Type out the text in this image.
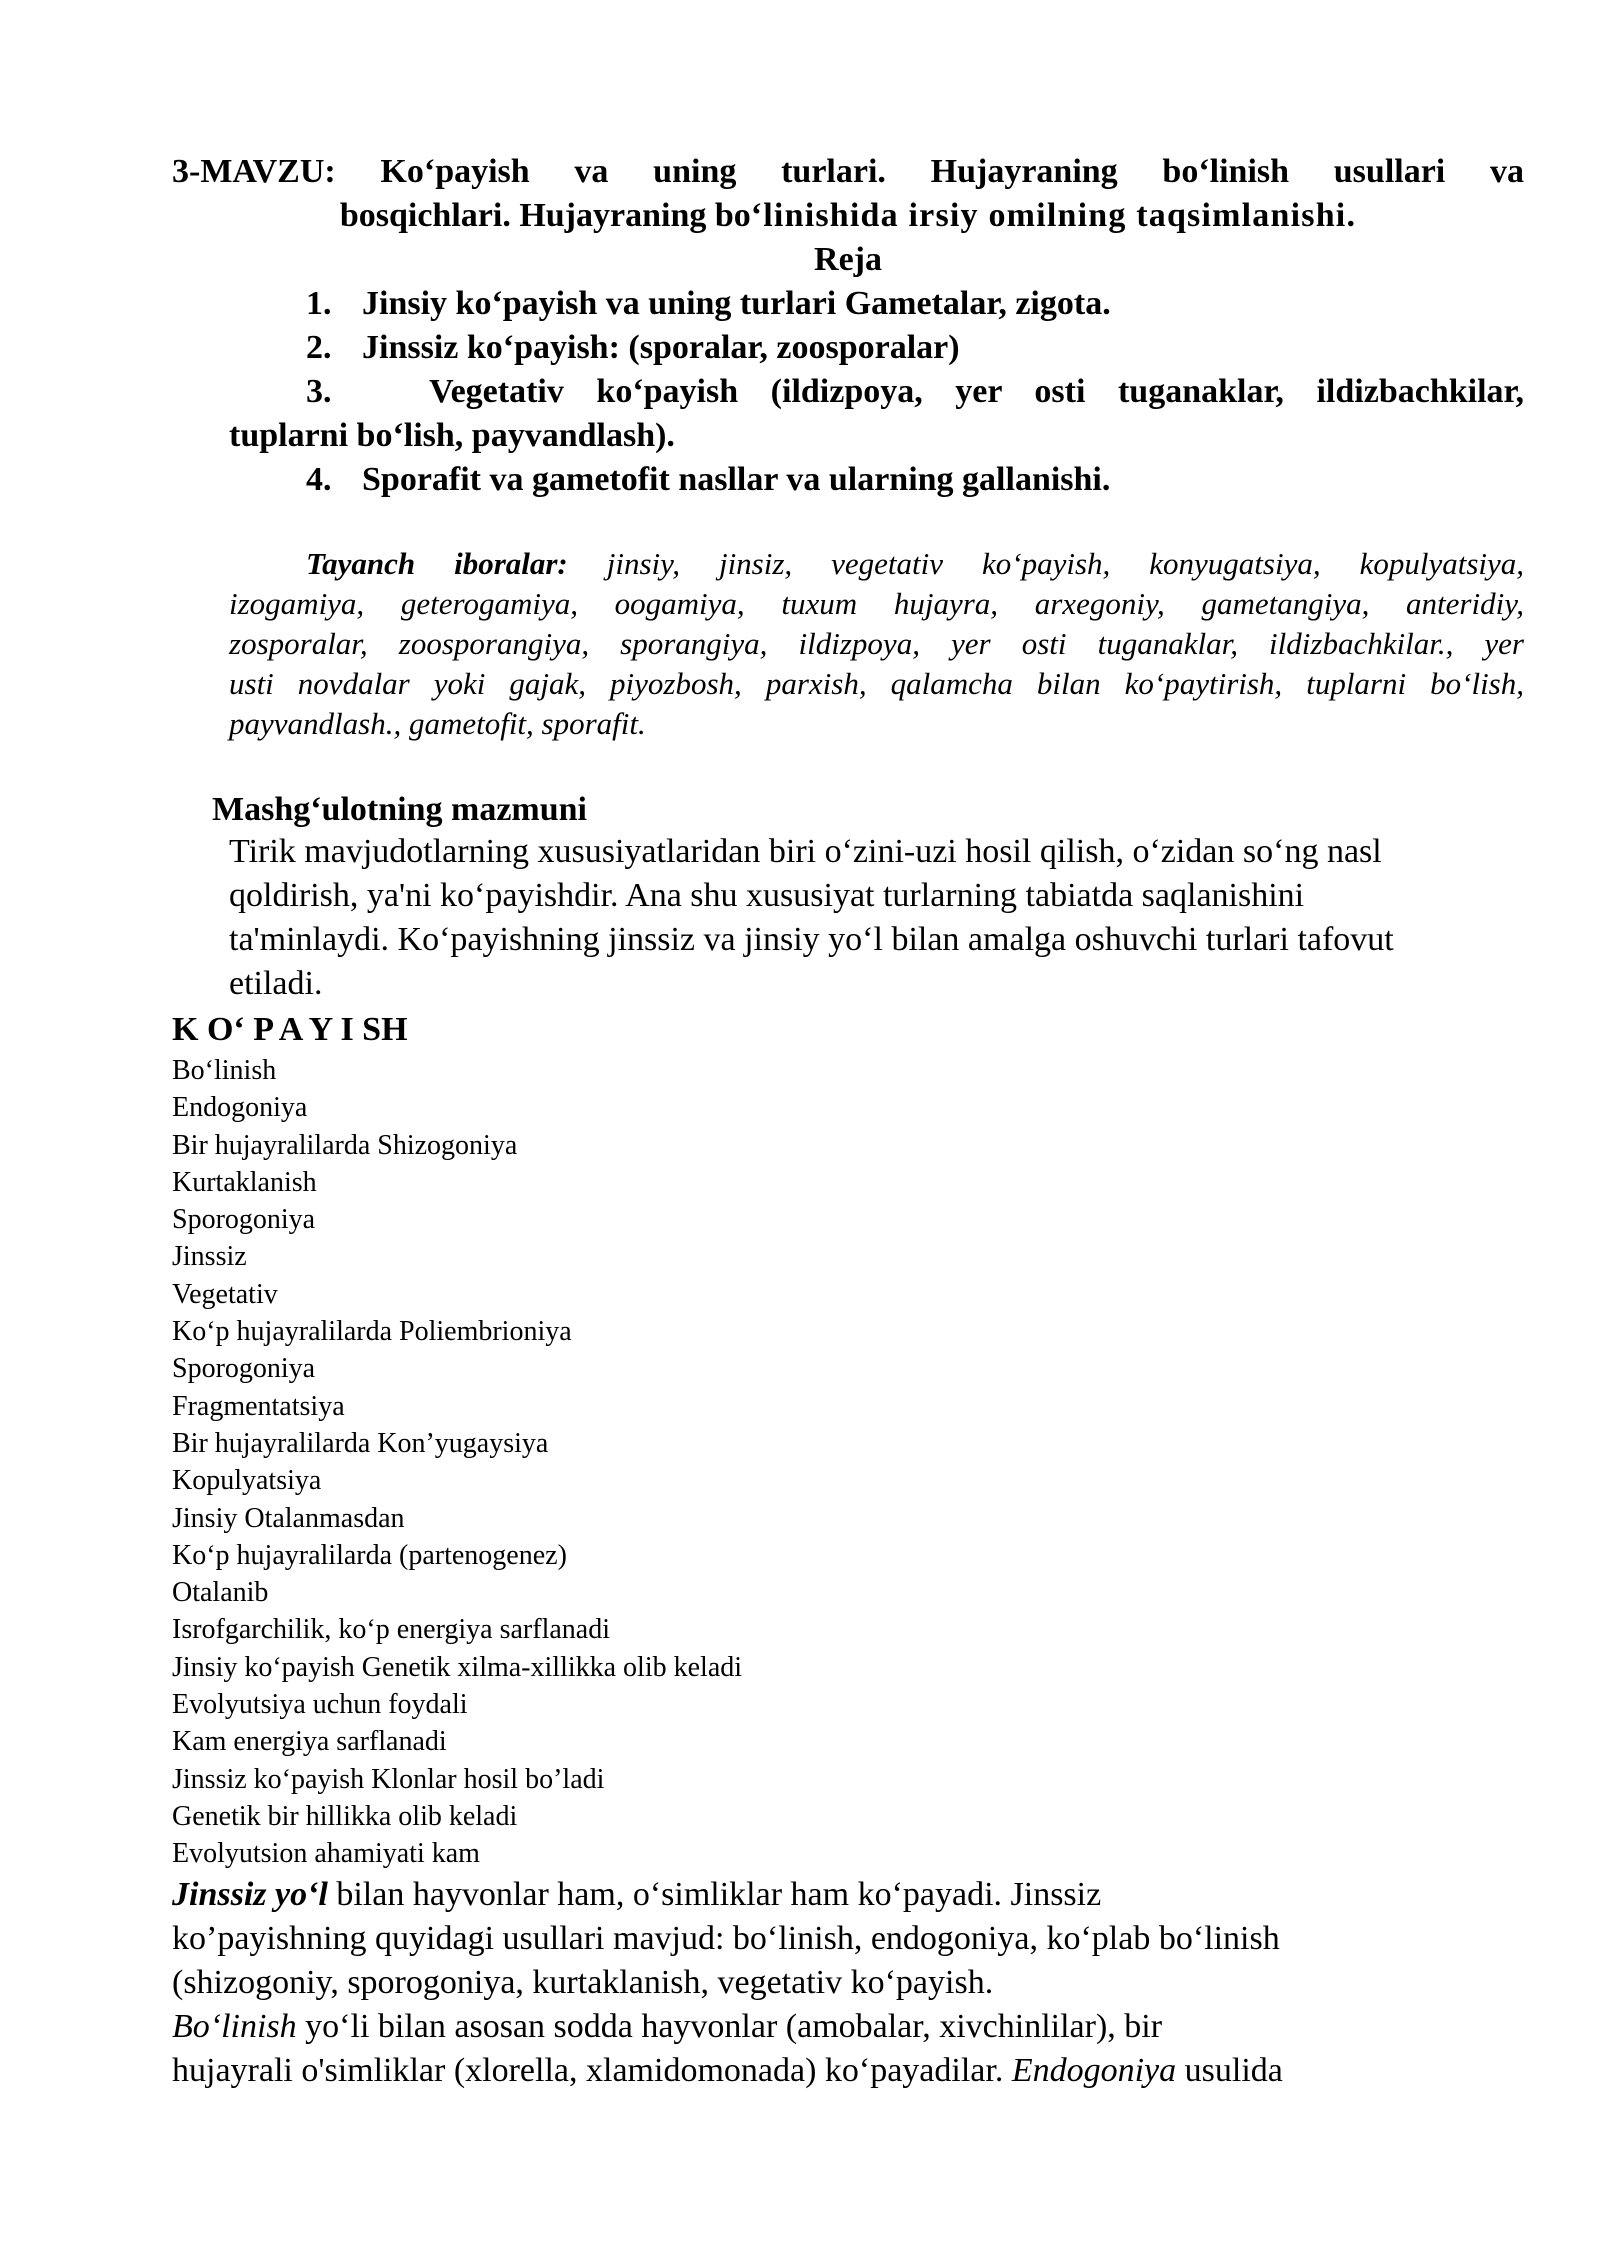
3-MAVZU: Koʻpayish va uning turlari. Hujayraning boʻlinish usullari va
bosqichlari. Hujayraning boʻlinishida irsiy omilning taqsimlanishi.
Reja
1. Jinsiy koʻpayish va uning turlari Gametalar, zigota.
2. Jinssiz koʻpayish: (sporalar, zoosporalar)
3.	Vegetativ koʻpayish (ildizpoya, yer osti tuganaklar, ildizbachkilar,
tuplarni boʻlish, payvandlash).
4. Sporafit va gametofit nasllar va ularning gallanishi.
Tayanch iboralar: jinsiy, jinsiz, vegetativ koʻpayish, konyugatsiya, kopulyatsiya,
izogamiya, geterogamiya, oogamiya, tuxum hujayra, arxegoniy, gametangiya, anteridiy,
zosporalar, zoosporangiya, sporangiya, ildizpoya, yer osti tuganaklar, ildizbachkilar., yer
usti novdalar yoki gajak, piyozbosh, parxish, qalamcha bilan koʻpaytirish, tuplarni boʻlish,
payvandlash., gametofit, sporafit.
Mashgʻulotning mazmuni
Tirik mavjudotlarning xususiyatlaridan biri oʻzini-uzi hosil qilish, oʻzidan soʻng nasl
qoldirish, ya'ni koʻpayishdir. Ana shu xususiyat turlarning tabiatda saqlanishini
ta'minlaydi. Koʻpayishning jinssiz va jinsiy yoʻl bilan amalga oshuvchi turlari tafovut
etiladi.
K Oʻ P A Y I SH
Boʻlinish
Endogoniya
Bir hujayralilarda Shizogoniya
Kurtaklanish
Sporogoniya
Jinssiz
Vegetativ
Koʻp hujayralilarda Poliembrioniya
Sporogoniya
Fragmentatsiya
Bir hujayralilarda Kon’yugaysiya
Kopulyatsiya
Jinsiy Otalanmasdan
Koʻp hujayralilarda (partenogenez)
Otalanib
Isrofgarchilik, koʻp energiya sarflanadi
Jinsiy koʻpayish Genetik xilma-xillikka olib keladi
Evolyutsiya uchun foydali
Kam energiya sarflanadi
Jinssiz koʻpayish Klonlar hosil bo’ladi
Genetik bir hillikka olib keladi
Evolyutsion ahamiyati kam
Jinssiz yoʻl bilan hayvonlar ham, oʻsimliklar ham koʻpayadi. Jinssiz
ko’payishning quyidagi usullari mavjud: boʻlinish, endogoniya, koʻplab boʻlinish
(shizogoniy, sporogoniya, kurtaklanish, vegetativ koʻpayish.
Boʻlinish yoʻli bilan asosan sodda hayvonlar (amobalar, xivchinlilar), bir
hujayrali o'simliklar (xlorella, xlamidomonada) koʻpayadilar. Endogoniya usulida
